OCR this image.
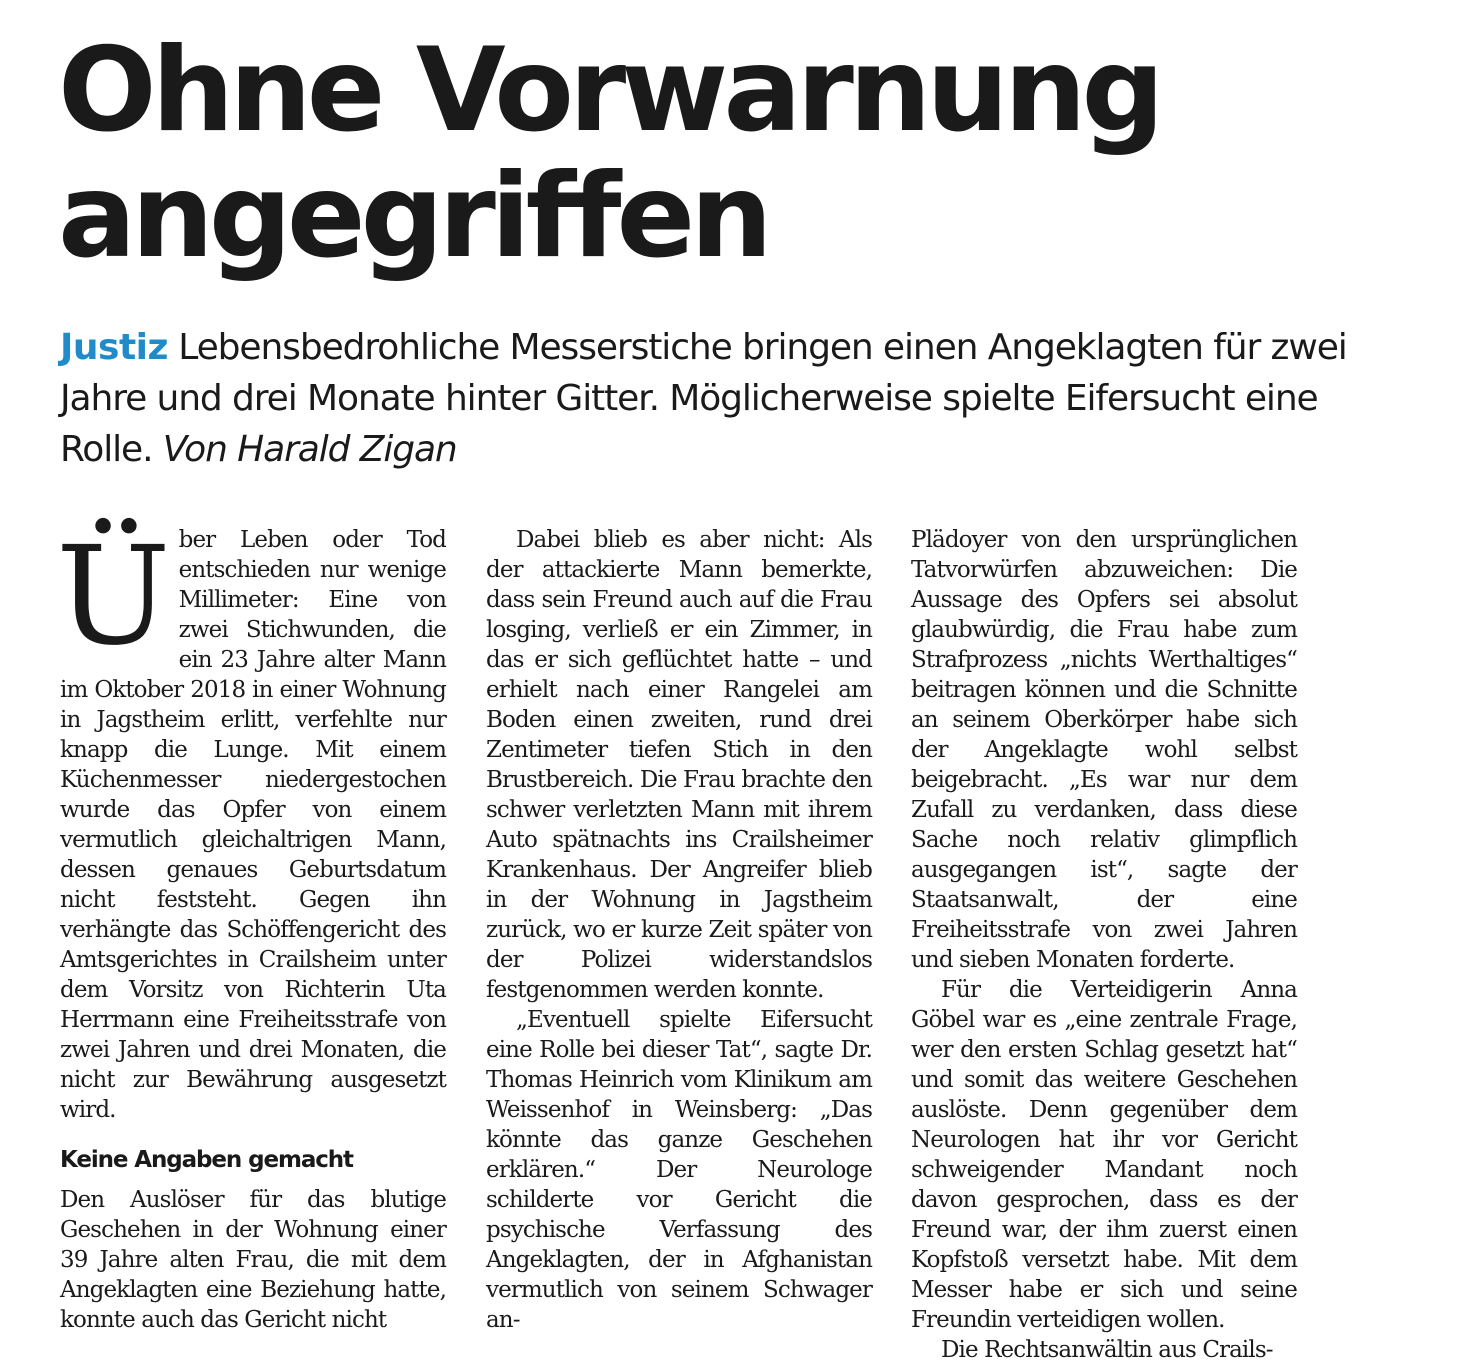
Ohne Vorwarnung
angegriffen

Justiz Lebensbedrohliche Messerstiche bringen einen Angeklagten für zwei Jahre und drei Monate hinter Gitter. Möglicherweise spielte Eifersucht eine Rolle. Von Harald Zigan

Über Leben oder Tod entschieden nur wenige Millimeter: Eine von zwei Stichwunden, die ein 23 Jahre alter Mann im Oktober 2018 in einer Wohnung in Jagstheim erlitt, verfehlte nur knapp die Lunge. Mit einem Küchenmesser niedergestochen wurde das Opfer von einem vermutlich gleichaltrigen Mann, dessen genaues Geburtsdatum nicht feststeht. Gegen ihn verhängte das Schöffengericht des Amtsgerichtes in Crailsheim unter dem Vorsitz von Richterin Uta Herrmann eine Freiheitsstrafe von zwei Jahren und drei Monaten, die nicht zur Bewährung ausgesetzt wird.

Keine Angaben gemacht

Den Auslöser für das blutige Geschehen in der Wohnung einer 39 Jahre alten Frau, die mit dem Angeklagten eine Beziehung hatte, konnte auch das Gericht nicht

Dabei blieb es aber nicht: Als der attackierte Mann bemerkte, dass sein Freund auch auf die Frau losging, verließ er ein Zimmer, in das er sich geflüchtet hatte – und erhielt nach einer Rangelei am Boden einen zweiten, rund drei Zentimeter tiefen Stich in den Brustbereich. Die Frau brachte den schwer verletzten Mann mit ihrem Auto spätnachts ins Crailsheimer Krankenhaus. Der Angreifer blieb in der Wohnung in Jagstheim zurück, wo er kurze Zeit später von der Polizei widerstandslos festgenommen werden konnte.

„Eventuell spielte Eifersucht eine Rolle bei dieser Tat“, sagte Dr. Thomas Heinrich vom Klinikum am Weissenhof in Weinsberg: „Das könnte das ganze Geschehen erklären.“ Der Neurologe schilderte vor Gericht die psychische Verfassung des Angeklagten, der in Afghanistan vermutlich von seinem Schwager an-

Plädoyer von den ursprünglichen Tatvorwürfen abzuweichen: Die Aussage des Opfers sei absolut glaubwürdig, die Frau habe zum Strafprozess „nichts Werthaltiges“ beitragen können und die Schnitte an seinem Oberkörper habe sich der Angeklagte wohl selbst beigebracht. „Es war nur dem Zufall zu verdanken, dass diese Sache noch relativ glimpflich ausgegangen ist“, sagte der Staatsanwalt, der eine Freiheitsstrafe von zwei Jahren und sieben Monaten forderte.

Für die Verteidigerin Anna Göbel war es „eine zentrale Frage, wer den ersten Schlag gesetzt hat“ und somit das weitere Geschehen auslöste. Denn gegenüber dem Neurologen hat ihr vor Gericht schweigender Mandant noch davon gesprochen, dass es der Freund war, der ihm zuerst einen Kopfstoß versetzt habe. Mit dem Messer habe er sich und seine Freundin verteidigen wollen.

Die Rechtsanwältin aus Crails-
